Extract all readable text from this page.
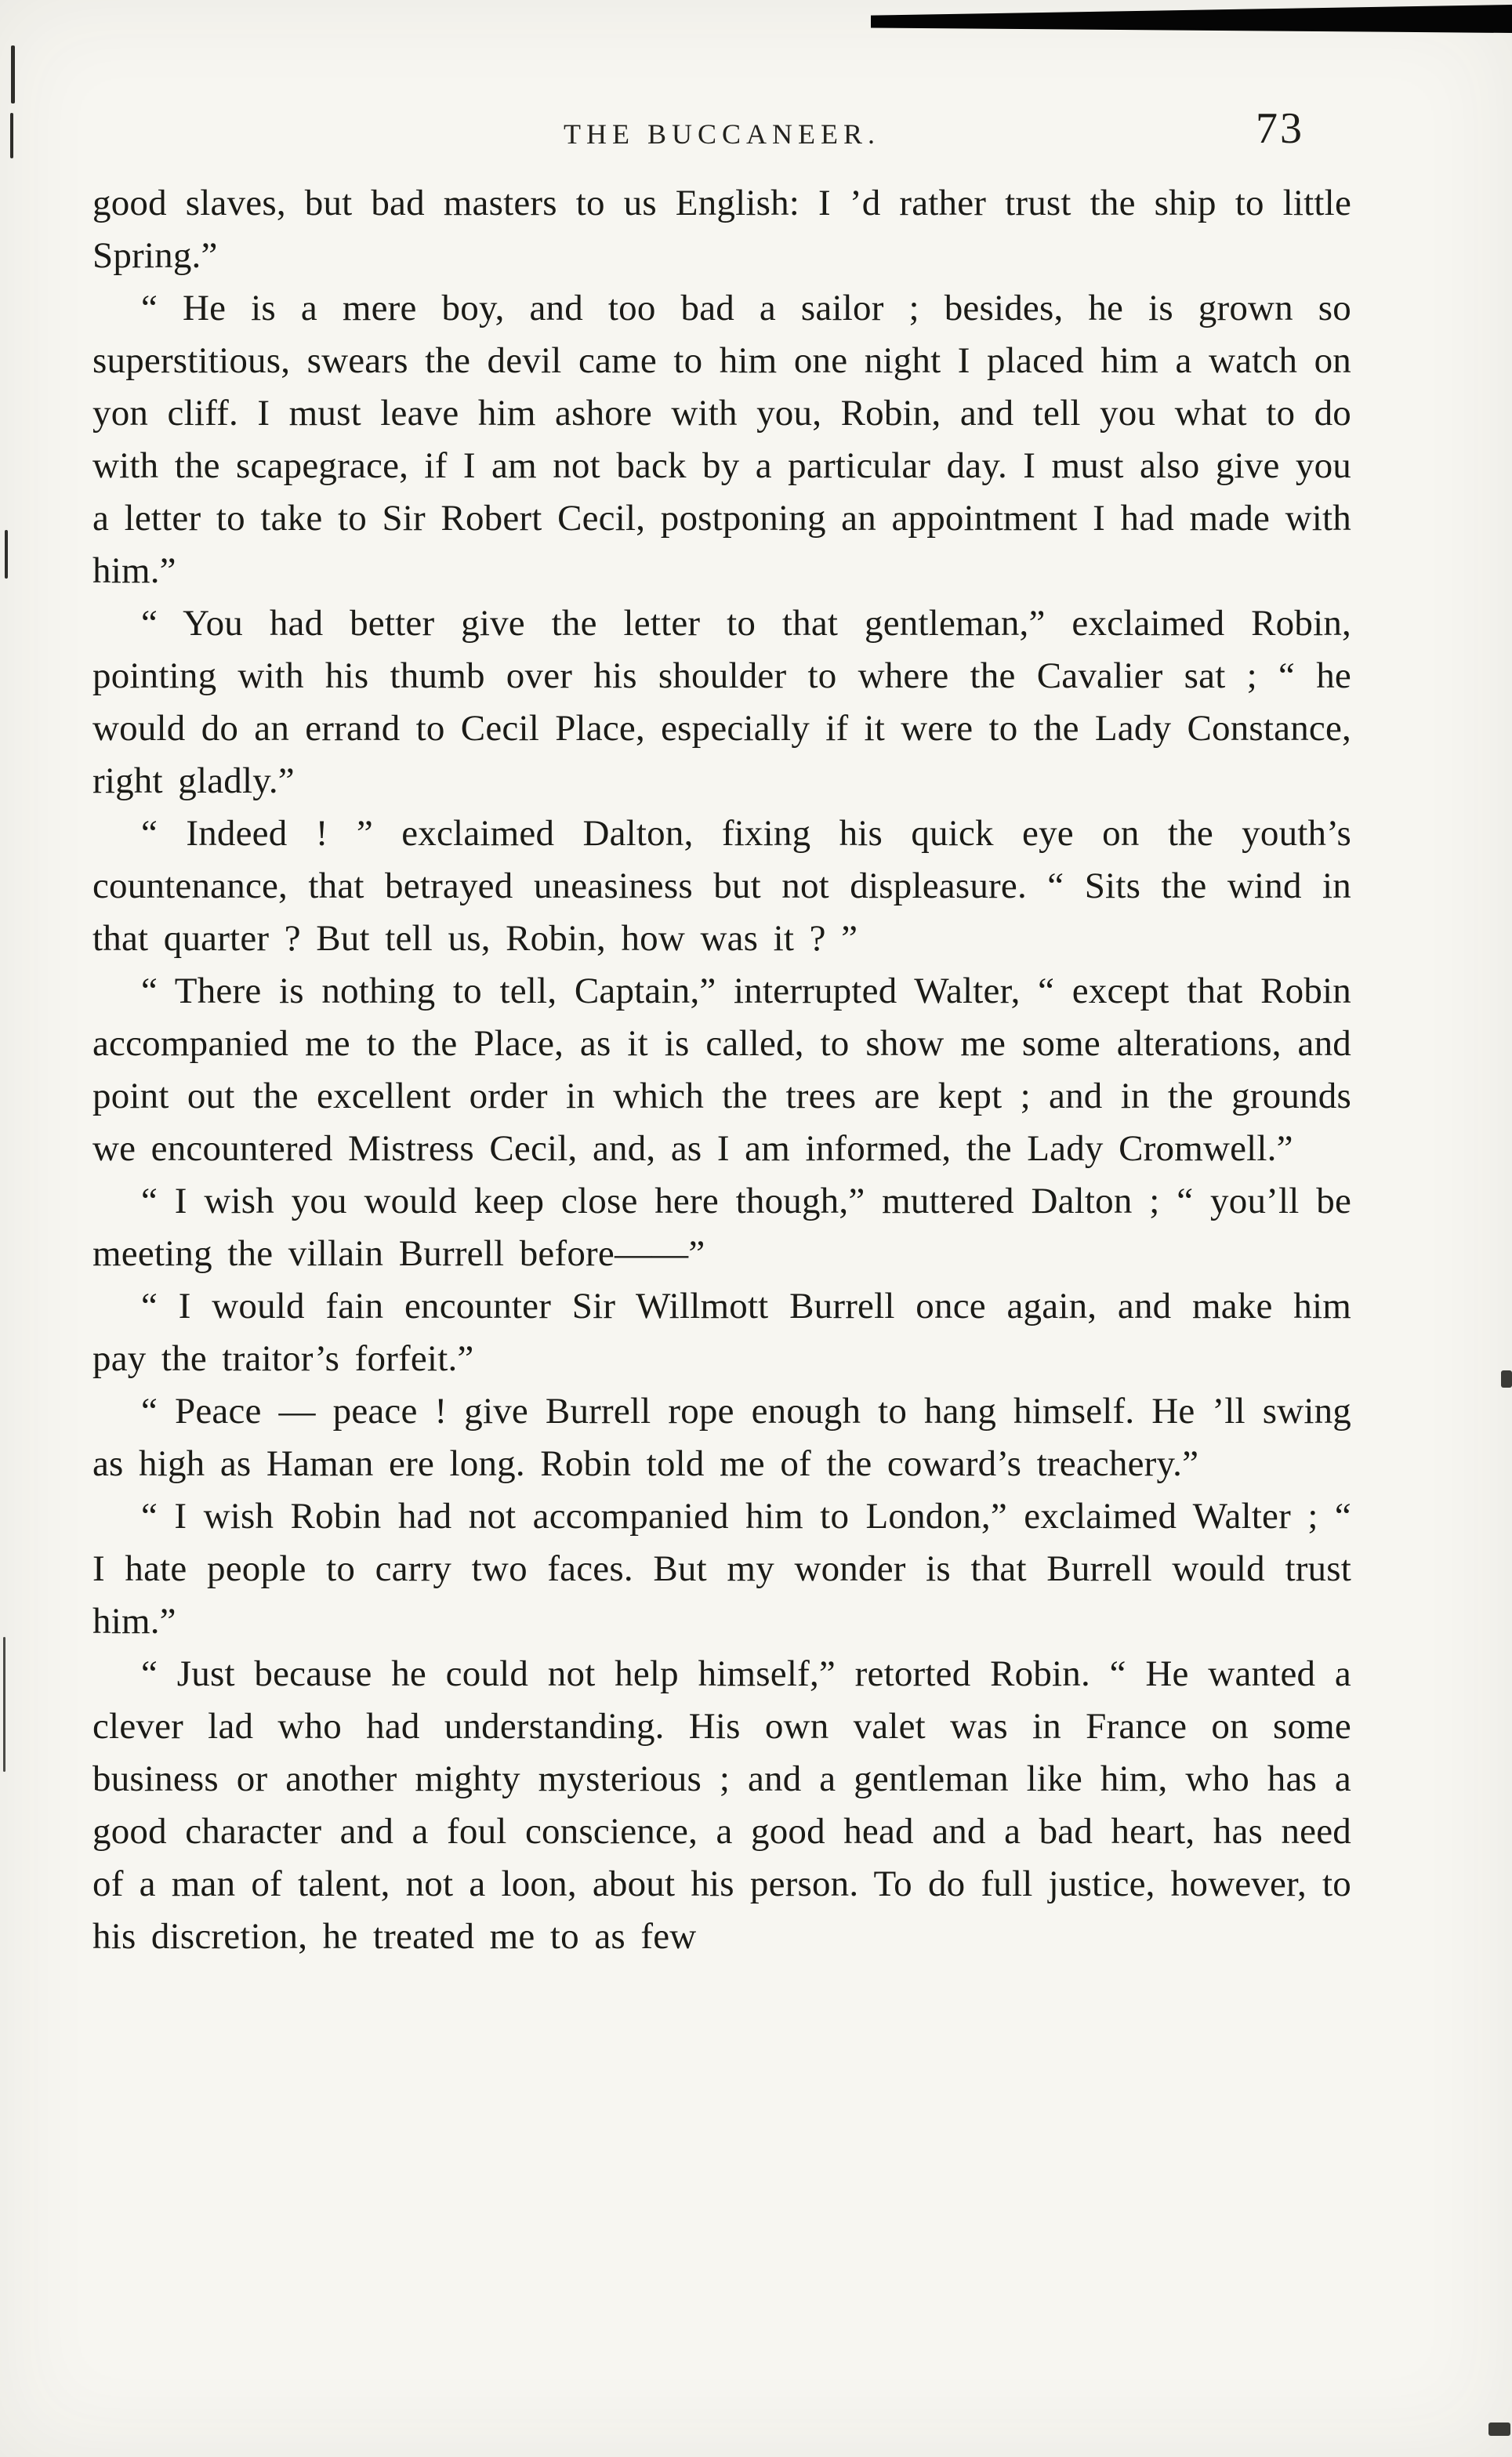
THE BUCCANEER.	73

good slaves, but bad masters to us English: I ’d rather trust the ship to little Spring.”

“ He is a mere boy, and too bad a sailor ; besides, he is grown so superstitious, swears the devil came to him one night I placed him a watch on yon cliff. I must leave him ashore with you, Robin, and tell you what to do with the scapegrace, if I am not back by a particular day. I must also give you a letter to take to Sir Robert Cecil, postponing an appointment I had made with him.”

“ You had better give the letter to that gentleman,” exclaimed Robin, pointing with his thumb over his shoulder to where the Cavalier sat ; “ he would do an errand to Cecil Place, especially if it were to the Lady Constance, right gladly.”

“ Indeed ! ” exclaimed Dalton, fixing his quick eye on the youth’s countenance, that betrayed uneasiness but not displeasure. “ Sits the wind in that quarter ? But tell us, Robin, how was it ? ”

“ There is nothing to tell, Captain,” interrupted Walter, “ except that Robin accompanied me to the Place, as it is called, to show me some alterations, and point out the excellent order in which the trees are kept ; and in the grounds we encountered Mistress Cecil, and, as I am informed, the Lady Cromwell.”

“ I wish you would keep close here though,” muttered Dalton ; “ you’ll be meeting the villain Burrell before——”

“ I would fain encounter Sir Willmott Burrell once again, and make him pay the traitor’s forfeit.”

“ Peace — peace ! give Burrell rope enough to hang himself. He ’ll swing as high as Haman ere long. Robin told me of the coward’s treachery.”

“ I wish Robin had not accompanied him to London,” exclaimed Walter ; “ I hate people to carry two faces. But my wonder is that Burrell would trust him.”

“ Just because he could not help himself,” retorted Robin. “ He wanted a clever lad who had understanding. His own valet was in France on some business or another mighty mysterious ; and a gentleman like him, who has a good character and a foul conscience, a good head and a bad heart, has need of a man of talent, not a loon, about his person. To do full justice, however, to his discretion, he treated me to as few
